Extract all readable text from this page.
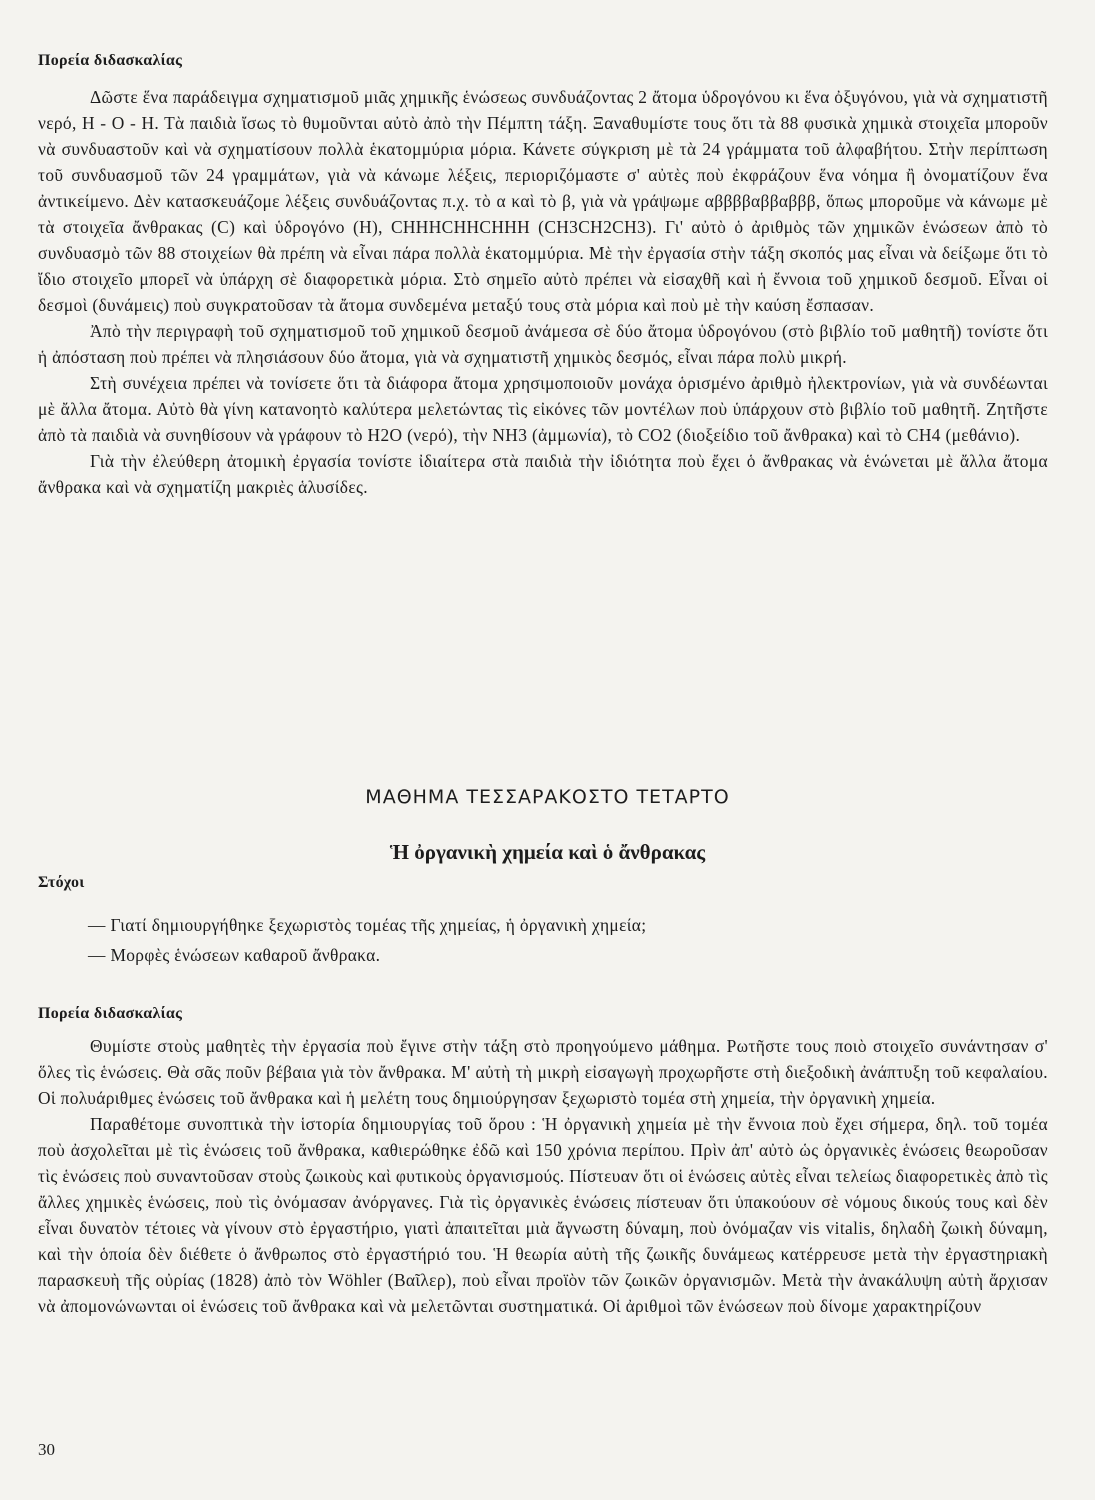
Πορεία διδασκαλίας

Δῶστε ἕνα παράδειγμα σχηματισμοῦ μιᾶς χημικῆς ἑνώσεως συνδυάζοντας 2 ἄτομα ὑδρογόνου κι ἕνα ὀξυγόνου, γιὰ νὰ σχηματιστῆ νερό, Η - Ο - Η. Τὰ παιδιὰ ἴσως τὸ θυμοῦνται αὐτὸ ἀπὸ τὴν Πέμπτη τάξη. Ξαναθυμίστε τους ὅτι τὰ 88 φυσικὰ χημικὰ στοιχεῖα μποροῦν νὰ συνδυαστοῦν καὶ νὰ σχηματίσουν πολλὰ ἑκατομμύρια μόρια. Κάνετε σύγκριση μὲ τὰ 24 γράμματα τοῦ ἀλφαβήτου. Στὴν περίπτωση τοῦ συνδυασμοῦ τῶν 24 γραμμάτων, γιὰ νὰ κάνωμε λέξεις, περιοριζόμαστε σ' αὐτὲς ποὺ ἐκφράζουν ἕνα νόημα ἢ ὀνοματίζουν ἕνα ἀντικείμενο. Δὲν κατασκευάζομε λέξεις συνδυάζοντας π.χ. τὸ α καὶ τὸ β, γιὰ νὰ γράψωμε αββββαββαβββ, ὅπως μποροῦμε νὰ κάνωμε μὲ τὰ στοιχεῖα ἄνθρακας (C) καὶ ὑδρογόνο (Η), CHHHCHHCHHH (CH3CH2CH3). Γι' αὐτὸ ὁ ἀριθμὸς τῶν χημικῶν ἑνώσεων ἀπὸ τὸ συνδυασμὸ τῶν 88 στοιχείων θὰ πρέπη νὰ εἶναι πάρα πολλὰ ἑκατομμύρια. Μὲ τὴν ἐργασία στὴν τάξη σκοπός μας εἶναι νὰ δείξωμε ὅτι τὸ ἴδιο στοιχεῖο μπορεῖ νὰ ὑπάρχη σὲ διαφορετικὰ μόρια. Στὸ σημεῖο αὐτὸ πρέπει νὰ εἰσαχθῆ καὶ ἡ ἔννοια τοῦ χημικοῦ δεσμοῦ. Εἶναι οἱ δεσμοὶ (δυνάμεις) ποὺ συγκρατοῦσαν τὰ ἄτομα συνδεμένα μεταξύ τους στὰ μόρια καὶ ποὺ μὲ τὴν καύση ἔσπασαν.

Ἀπὸ τὴν περιγραφὴ τοῦ σχηματισμοῦ τοῦ χημικοῦ δεσμοῦ ἀνάμεσα σὲ δύο ἄτομα ὑδρογόνου (στὸ βιβλίο τοῦ μαθητῆ) τονίστε ὅτι ἡ ἀπόσταση ποὺ πρέπει νὰ πλησιάσουν δύο ἄτομα, γιὰ νὰ σχηματιστῆ χημικὸς δεσμός, εἶναι πάρα πολὺ μικρή.

Στὴ συνέχεια πρέπει νὰ τονίσετε ὅτι τὰ διάφορα ἄτομα χρησιμοποιοῦν μονάχα ὁρισμένο ἀριθμὸ ἠλεκτρονίων, γιὰ νὰ συνδέωνται μὲ ἄλλα ἄτομα. Αὐτὸ θὰ γίνη κατανοητὸ καλύτερα μελετώντας τὶς εἰκόνες τῶν μοντέλων ποὺ ὑπάρχουν στὸ βιβλίο τοῦ μαθητῆ. Ζητῆστε ἀπὸ τὰ παιδιὰ νὰ συνηθίσουν νὰ γράφουν τὸ H2O (νερό), τὴν NH3 (ἀμμωνία), τὸ CO2 (διοξείδιο τοῦ ἄνθρακα) καὶ τὸ CH4 (μεθάνιο).

Γιὰ τὴν ἐλεύθερη ἀτομικὴ ἐργασία τονίστε ἰδιαίτερα στὰ παιδιὰ τὴν ἰδιότητα ποὺ ἔχει ὁ ἄνθρακας νὰ ἑνώνεται μὲ ἄλλα ἄτομα ἄνθρακα καὶ νὰ σχηματίζη μακριὲς ἁλυσίδες.

ΜΑΘΗΜΑ ΤΕΣΣΑΡΑΚΟΣΤΟ ΤΕΤΑΡΤΟ
Ἡ ὀργανικὴ χημεία καὶ ὁ ἄνθρακας
Στόχοι
— Γιατί δημιουργήθηκε ξεχωριστὸς τομέας τῆς χημείας, ἡ ὀργανικὴ χημεία;
— Μορφὲς ἑνώσεων καθαροῦ ἄνθρακα.
Πορεία διδασκαλίας

Θυμίστε στοὺς μαθητὲς τὴν ἐργασία ποὺ ἔγινε στὴν τάξη στὸ προηγούμενο μάθημα. Ρωτῆστε τους ποιὸ στοιχεῖο συνάντησαν σ' ὅλες τὶς ἑνώσεις. Θὰ σᾶς ποῦν βέβαια γιὰ τὸν ἄνθρακα. Μ' αὐτὴ τὴ μικρὴ εἰσαγωγὴ προχωρῆστε στὴ διεξοδικὴ ἀνάπτυξη τοῦ κεφαλαίου. Οἱ πολυάριθμες ἑνώσεις τοῦ ἄνθρακα καὶ ἡ μελέτη τους δημιούργησαν ξεχωριστὸ τομέα στὴ χημεία, τὴν ὀργανικὴ χημεία.

Παραθέτομε συνοπτικὰ τὴν ἱστορία δημιουργίας τοῦ ὅρου : Ἡ ὀργανικὴ χημεία μὲ τὴν ἔννοια ποὺ ἔχει σήμερα, δηλ. τοῦ τομέα ποὺ ἀσχολεῖται μὲ τὶς ἑνώσεις τοῦ ἄνθρακα, καθιερώθηκε ἐδῶ καὶ 150 χρόνια περίπου. Πρὶν ἀπ' αὐτὸ ὡς ὀργανικὲς ἑνώσεις θεωροῦσαν τὶς ἑνώσεις ποὺ συναντοῦσαν στοὺς ζωικοὺς καὶ φυτικοὺς ὀργανισμούς. Πίστευαν ὅτι οἱ ἑνώσεις αὐτὲς εἶναι τελείως διαφορετικὲς ἀπὸ τὶς ἄλλες χημικὲς ἑνώσεις, ποὺ τὶς ὀνόμασαν ἀνόργανες. Γιὰ τὶς ὀργανικὲς ἑνώσεις πίστευαν ὅτι ὑπακούουν σὲ νόμους δικούς τους καὶ δὲν εἶναι δυνατὸν τέτοιες νὰ γίνουν στὸ ἐργαστήριο, γιατὶ ἀπαιτεῖται μιὰ ἄγνωστη δύναμη, ποὺ ὀνόμαζαν vis vitalis, δηλαδὴ ζωικὴ δύναμη, καὶ τὴν ὁποία δὲν διέθετε ὁ ἄνθρωπος στὸ ἐργαστήριό του. Ἡ θεωρία αὐτὴ τῆς ζωικῆς δυνάμεως κατέρρευσε μετὰ τὴν ἐργαστηριακὴ παρασκευὴ τῆς οὐρίας (1828) ἀπὸ τὸν Wöhler (Βαῖλερ), ποὺ εἶναι προϊὸν τῶν ζωικῶν ὀργανισμῶν. Μετὰ τὴν ἀνακάλυψη αὐτὴ ἄρχισαν νὰ ἀπομονώνωνται οἱ ἑνώσεις τοῦ ἄνθρακα καὶ νὰ μελετῶνται συστηματικά. Οἱ ἀριθμοὶ τῶν ἑνώσεων ποὺ δίνομε χαρακτηρίζουν

30
